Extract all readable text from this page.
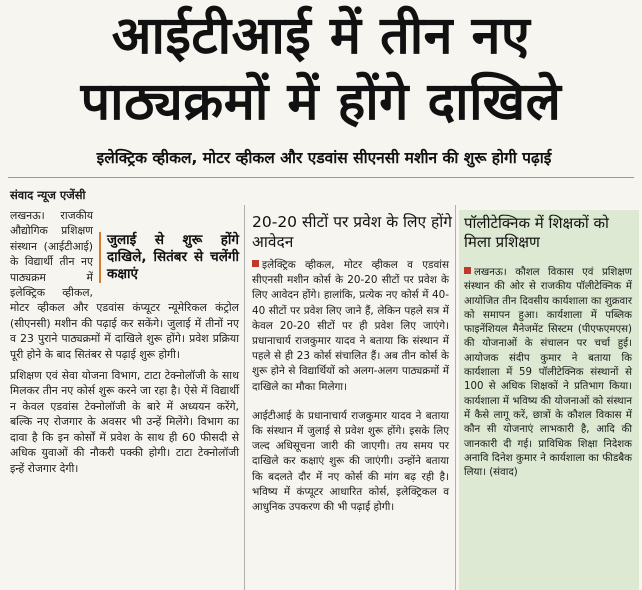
आईटीआई में तीन नए
पाठ्यक्रमों में होंगे दाखिले
इलेक्ट्रिक व्हीकल, मोटर व्हीकल और एडवांस सीएनसी मशीन की शुरू होगी पढ़ाई
संवाद न्यूज एजेंसी
जुलाई से शुरू होंगे दाखिले, सितंबर से चलेंगी कक्षाएं

लखनऊ। राजकीय औद्योगिक प्रशिक्षण संस्थान (आईटीआई) के विद्यार्थी तीन नए पाठ्यक्रम में इलेक्ट्रिक व्हीकल, मोटर व्हीकल और एडवांस कंप्यूटर न्यूमेरिकल कंट्रोल (सीएनसी) मशीन की पढ़ाई कर सकेंगे। जुलाई में तीनों नए व 23 पुराने पाठ्यक्रमों में दाखिले शुरू होंगे। प्रवेश प्रक्रिया पूरी होने के बाद सितंबर से पढ़ाई शुरू होगी।

प्रशिक्षण एवं सेवा योजना विभाग, टाटा टेक्नोलॉजी के साथ मिलकर तीन नए कोर्स शुरू करने जा रहा है। ऐसे में विद्यार्थी न केवल एडवांस टेक्नोलॉजी के बारे में अध्ययन करेंगे, बल्कि नए रोजगार के अवसर भी उन्हें मिलेंगे। विभाग का दावा है कि इन कोर्सों में प्रवेश के साथ ही 60 फीसदी से अधिक युवाओं की नौकरी पक्की होगी। टाटा टेक्नोलॉजी इन्हें रोजगार देगी।

20-20 सीटों पर प्रवेश के लिए होंगे आवेदन

इलेक्ट्रिक व्हीकल, मोटर व्हीकल व एडवांस सीएनसी मशीन कोर्स के 20-20 सीटों पर प्रवेश के लिए आवेदन होंगे। हालांकि, प्रत्येक नए कोर्स में 40-40 सीटों पर प्रवेश लिए जाने हैं, लेकिन पहले सत्र में केवल 20-20 सीटों पर ही प्रवेश लिए जाएंगे। प्रधानाचार्य राजकुमार यादव ने बताया कि संस्थान में पहले से ही 23 कोर्स संचालित हैं। अब तीन कोर्स के शुरू होने से विद्यार्थियों को अलग-अलग पाठ्यक्रमों में दाखिले का मौका मिलेगा।

आईटीआई के प्रधानाचार्य राजकुमार यादव ने बताया कि संस्थान में जुलाई से प्रवेश शुरू होंगे। इसके लिए जल्द अधिसूचना जारी की जाएगी। तय समय पर दाखिले कर कक्षाएं शुरू की जाएंगी। उन्होंने बताया कि बदलते दौर में नए कोर्स की मांग बढ़ रही है। भविष्य में कंप्यूटर आधारित कोर्स, इलेक्ट्रिकल व आधुनिक उपकरण की भी पढ़ाई होगी।

पॉलीटेक्निक में शिक्षकों को मिला प्रशिक्षण

लखनऊ। कौशल विकास एवं प्रशिक्षण संस्थान की ओर से राजकीय पॉलीटेक्निक में आयोजित तीन दिवसीय कार्यशाला का शुक्रवार को समापन हुआ। कार्यशाला में पब्लिक फाइनेंशियल मैनेजमेंट सिस्टम (पीएफएमएस) की योजनाओं के संचालन पर चर्चा हुई। आयोजक संदीप कुमार ने बताया कि कार्यशाला में 59 पॉलीटेक्निक संस्थानों से 100 से अधिक शिक्षकों ने प्रतिभाग किया। कार्यशाला में भविष्य की योजनाओं को संस्थान में कैसे लागू करें, छात्रों के कौशल विकास में कौन सी योजनाएं लाभकारी है, आदि की जानकारी दी गई। प्राविधिक शिक्षा निदेशक अनावि दिनेश कुमार ने कार्यशाला का फीडबैक लिया। (संवाद)
